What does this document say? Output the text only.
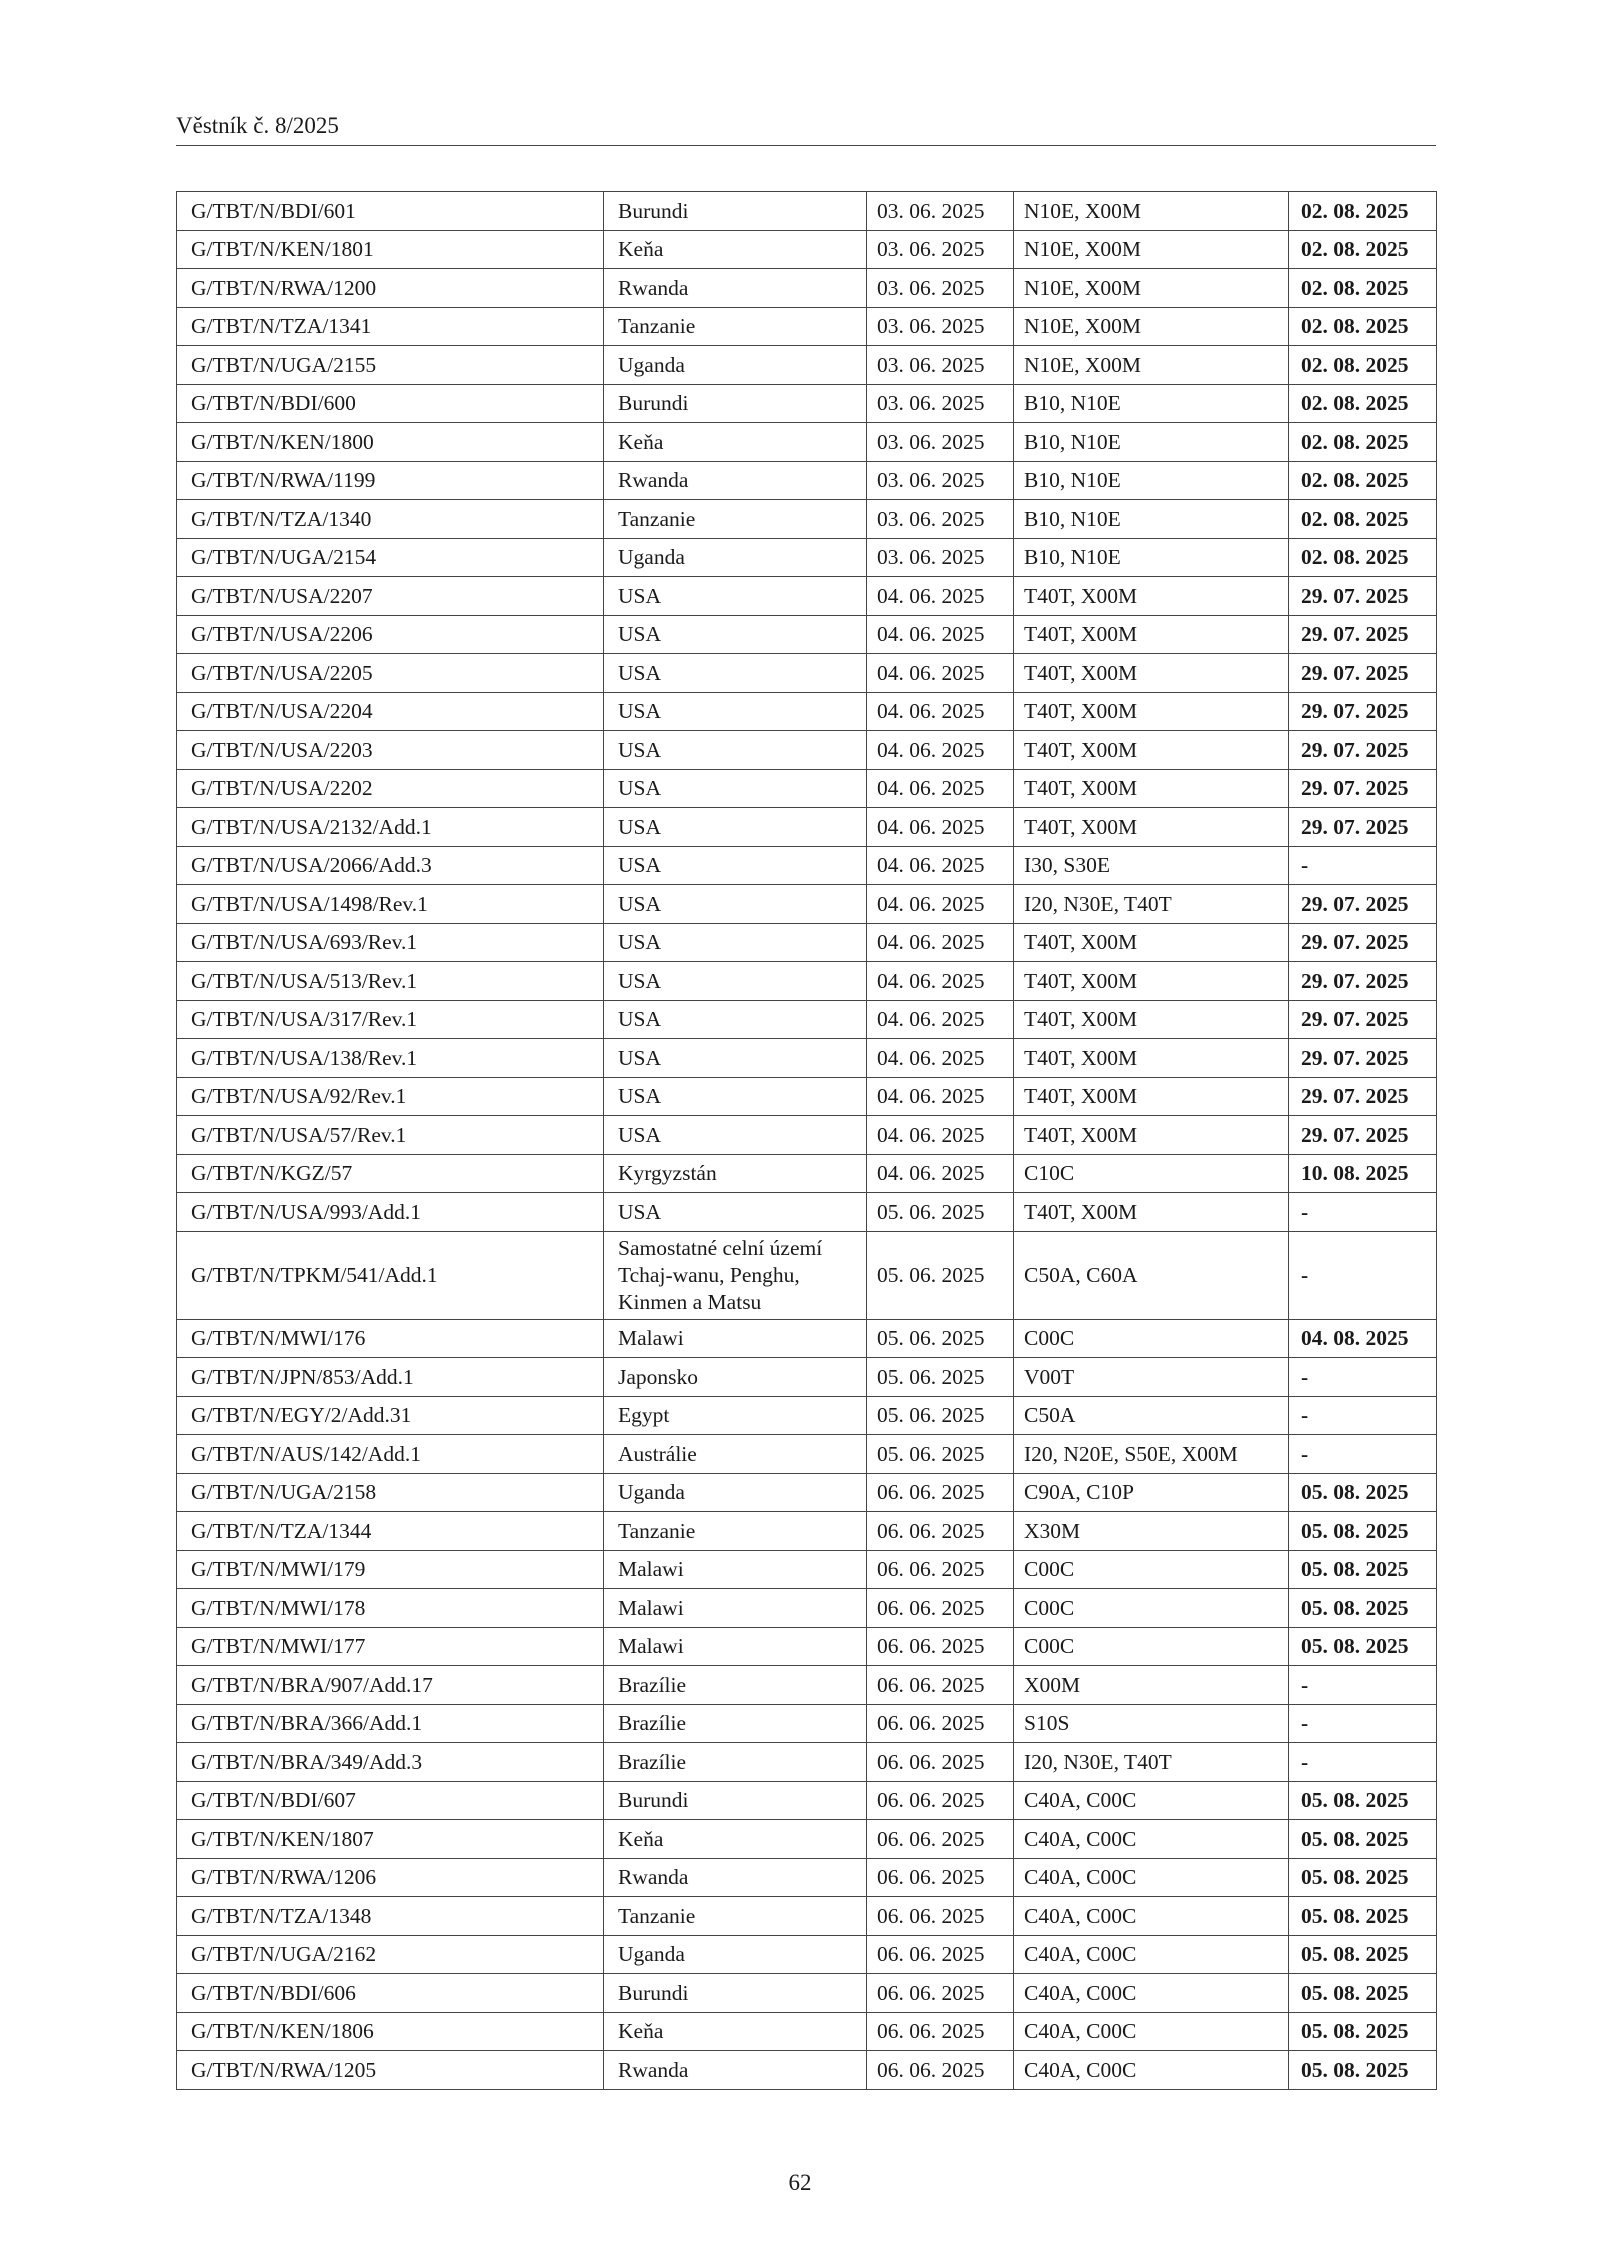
Věstník č. 8/2025
G/TBT/N/BDI/601	Burundi	03. 06. 2025	N10E, X00M	02. 08. 2025
G/TBT/N/KEN/1801	Keňa	03. 06. 2025	N10E, X00M	02. 08. 2025
G/TBT/N/RWA/1200	Rwanda	03. 06. 2025	N10E, X00M	02. 08. 2025
G/TBT/N/TZA/1341	Tanzanie	03. 06. 2025	N10E, X00M	02. 08. 2025
G/TBT/N/UGA/2155	Uganda	03. 06. 2025	N10E, X00M	02. 08. 2025
G/TBT/N/BDI/600	Burundi	03. 06. 2025	B10, N10E	02. 08. 2025
G/TBT/N/KEN/1800	Keňa	03. 06. 2025	B10, N10E	02. 08. 2025
G/TBT/N/RWA/1199	Rwanda	03. 06. 2025	B10, N10E	02. 08. 2025
G/TBT/N/TZA/1340	Tanzanie	03. 06. 2025	B10, N10E	02. 08. 2025
G/TBT/N/UGA/2154	Uganda	03. 06. 2025	B10, N10E	02. 08. 2025
G/TBT/N/USA/2207	USA	04. 06. 2025	T40T, X00M	29. 07. 2025
G/TBT/N/USA/2206	USA	04. 06. 2025	T40T, X00M	29. 07. 2025
G/TBT/N/USA/2205	USA	04. 06. 2025	T40T, X00M	29. 07. 2025
G/TBT/N/USA/2204	USA	04. 06. 2025	T40T, X00M	29. 07. 2025
G/TBT/N/USA/2203	USA	04. 06. 2025	T40T, X00M	29. 07. 2025
G/TBT/N/USA/2202	USA	04. 06. 2025	T40T, X00M	29. 07. 2025
G/TBT/N/USA/2132/Add.1	USA	04. 06. 2025	T40T, X00M	29. 07. 2025
G/TBT/N/USA/2066/Add.3	USA	04. 06. 2025	I30, S30E	-
G/TBT/N/USA/1498/Rev.1	USA	04. 06. 2025	I20, N30E, T40T	29. 07. 2025
G/TBT/N/USA/693/Rev.1	USA	04. 06. 2025	T40T, X00M	29. 07. 2025
G/TBT/N/USA/513/Rev.1	USA	04. 06. 2025	T40T, X00M	29. 07. 2025
G/TBT/N/USA/317/Rev.1	USA	04. 06. 2025	T40T, X00M	29. 07. 2025
G/TBT/N/USA/138/Rev.1	USA	04. 06. 2025	T40T, X00M	29. 07. 2025
G/TBT/N/USA/92/Rev.1	USA	04. 06. 2025	T40T, X00M	29. 07. 2025
G/TBT/N/USA/57/Rev.1	USA	04. 06. 2025	T40T, X00M	29. 07. 2025
G/TBT/N/KGZ/57	Kyrgyzstán	04. 06. 2025	C10C	10. 08. 2025
G/TBT/N/USA/993/Add.1	USA	05. 06. 2025	T40T, X00M	-
G/TBT/N/TPKM/541/Add.1	Samostatné celní území Tchaj-wanu, Penghu, Kinmen a Matsu	05. 06. 2025	C50A, C60A	-
G/TBT/N/MWI/176	Malawi	05. 06. 2025	C00C	04. 08. 2025
G/TBT/N/JPN/853/Add.1	Japonsko	05. 06. 2025	V00T	-
G/TBT/N/EGY/2/Add.31	Egypt	05. 06. 2025	C50A	-
G/TBT/N/AUS/142/Add.1	Austrálie	05. 06. 2025	I20, N20E, S50E, X00M	-
G/TBT/N/UGA/2158	Uganda	06. 06. 2025	C90A, C10P	05. 08. 2025
G/TBT/N/TZA/1344	Tanzanie	06. 06. 2025	X30M	05. 08. 2025
G/TBT/N/MWI/179	Malawi	06. 06. 2025	C00C	05. 08. 2025
G/TBT/N/MWI/178	Malawi	06. 06. 2025	C00C	05. 08. 2025
G/TBT/N/MWI/177	Malawi	06. 06. 2025	C00C	05. 08. 2025
G/TBT/N/BRA/907/Add.17	Brazílie	06. 06. 2025	X00M	-
G/TBT/N/BRA/366/Add.1	Brazílie	06. 06. 2025	S10S	-
G/TBT/N/BRA/349/Add.3	Brazílie	06. 06. 2025	I20, N30E, T40T	-
G/TBT/N/BDI/607	Burundi	06. 06. 2025	C40A, C00C	05. 08. 2025
G/TBT/N/KEN/1807	Keňa	06. 06. 2025	C40A, C00C	05. 08. 2025
G/TBT/N/RWA/1206	Rwanda	06. 06. 2025	C40A, C00C	05. 08. 2025
G/TBT/N/TZA/1348	Tanzanie	06. 06. 2025	C40A, C00C	05. 08. 2025
G/TBT/N/UGA/2162	Uganda	06. 06. 2025	C40A, C00C	05. 08. 2025
G/TBT/N/BDI/606	Burundi	06. 06. 2025	C40A, C00C	05. 08. 2025
G/TBT/N/KEN/1806	Keňa	06. 06. 2025	C40A, C00C	05. 08. 2025
G/TBT/N/RWA/1205	Rwanda	06. 06. 2025	C40A, C00C	05. 08. 2025
62
